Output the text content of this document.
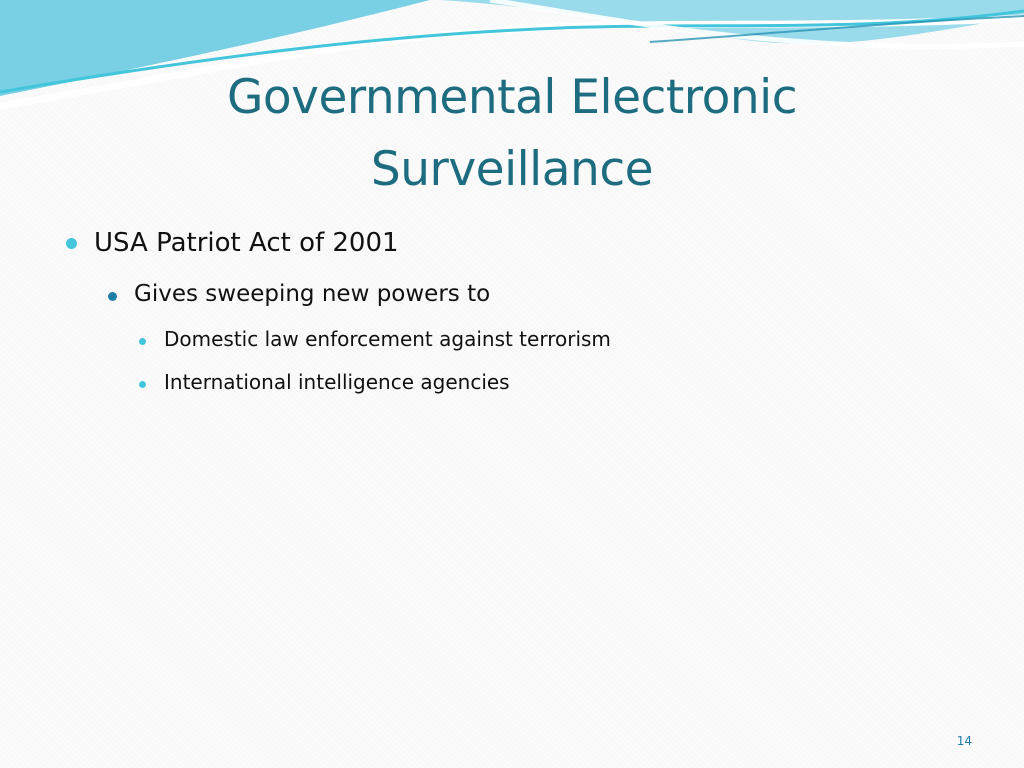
Governmental Electronic
Surveillance
USA Patriot Act of 2001
Gives sweeping new powers to
Domestic law enforcement against terrorism
International intelligence agencies
14
